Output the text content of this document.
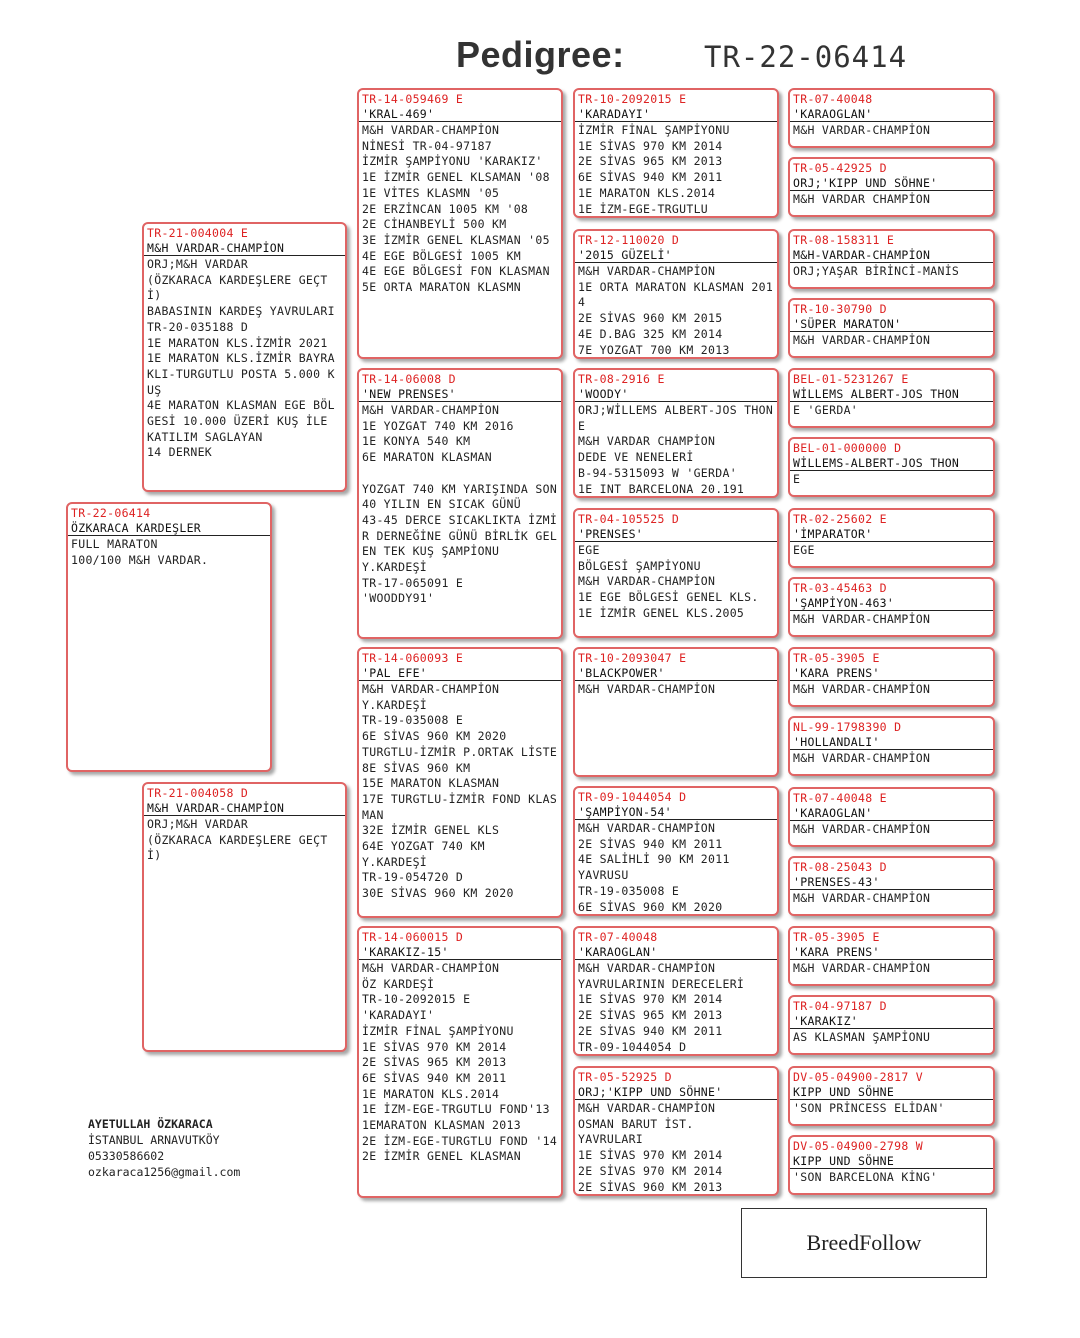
Pedigree:	TR-22-06414
TR-22-06414
ÖZKARACA KARDEŞLER
FULL MARATON
100/100 M&H VARDAR.
TR-21-004004 E
M&H VARDAR-CHAMPİON
ORJ;M&H VARDAR
(ÖZKARACA KARDEŞLERE GEÇTİ)
BABASININ KARDEŞ YAVRULARI
TR-20-035188 D
1E MARATON KLS.İZMİR 2021
1E MARATON KLS.İZMİR BAYRAKLI-TURGUTLU POSTA 5.000 KUŞ
4E MARATON KLASMAN EGE BÖLGESİ 10.000 ÜZERİ KUŞ İLE KATILIM SAGLAYAN
14 DERNEK
TR-21-004058 D
M&H VARDAR-CHAMPİON
ORJ;M&H VARDAR
(ÖZKARACA KARDEŞLERE GEÇTİ)
TR-14-059469 E
'KRAL-469'
M&H VARDAR-CHAMPİON
NİNESİ TR-04-97187
İZMİR ŞAMPİYONU 'KARAKIZ'
1E İZMİR GENEL KLSAMAN '08
1E VİTES KLASMN '05
2E ERZİNCAN 1005 KM '08
2E CİHANBEYLİ 500 KM
3E İZMİR GENEL KLASMAN '05
4E EGE BÖLGESİ 1005 KM
4E EGE BÖLGESİ FON KLASMAN
5E ORTA MARATON KLASMN
TR-14-06008 D
'NEW PRENSES'
M&H VARDAR-CHAMPİON
1E YOZGAT 740 KM 2016
1E KONYA 540 KM
6E MARATON KLASMAN

YOZGAT 740 KM YARIŞINDA SON 40 YILIN EN SICAK GÜNÜ
43-45 DERCE SICAKLIKTA İZMİR DERNEĞİNE GÜNÜ BİRLİK GELEN TEK KUŞ ŞAMPİONU
Y.KARDEŞİ
TR-17-065091 E
'WOODDY91'
TR-14-060093 E
'PAL EFE'
M&H VARDAR-CHAMPİON
Y.KARDEŞİ
TR-19-035008 E
6E SİVAS 960 KM 2020
TURGTLU-İZMİR P.ORTAK LİSTE
8E SİVAS 960 KM
15E MARATON KLASMAN
17E TURGTLU-İZMİR FOND KLASMAN
32E İZMİR GENEL KLS
64E YOZGAT 740 KM
Y.KARDEŞİ
TR-19-054720 D
30E SİVAS 960 KM 2020
TR-14-060015 D
'KARAKIZ-15'
M&H VARDAR-CHAMPİON
ÖZ KARDEŞİ
TR-10-2092015 E
'KARADAYI'
İZMİR FİNAL ŞAMPİYONU
1E SİVAS 970 KM 2014
2E SİVAS 965 KM 2013
6E SİVAS 940 KM 2011
1E MARATON KLS.2014
1E İZM-EGE-TRGUTLU FOND'13
1EMARATON KLASMAN 2013
2E İZM-EGE-TURGTLU FOND '14
2E İZMİR GENEL KLASMAN
TR-10-2092015 E
'KARADAYI'
İZMİR FİNAL ŞAMPİYONU
1E SİVAS 970 KM 2014
2E SİVAS 965 KM 2013
6E SİVAS 940 KM 2011
1E MARATON KLS.2014
1E İZM-EGE-TRGUTLU
TR-12-110020 D
'2015 GÜZELİ'
M&H VARDAR-CHAMPİON
1E ORTA MARATON KLASMAN 2014
2E SİVAS 960 KM 2015
4E D.BAG 325 KM 2014
7E YOZGAT 700 KM 2013
TR-08-2916 E
'WOODY'
ORJ;WİLLEMS ALBERT-JOS THONE
M&H VARDAR CHAMPİON
DEDE VE NENELERİ
B-94-5315093 W 'GERDA'
1E INT BARCELONA 20.191
TR-04-105525 D
'PRENSES'
EGE
BÖLGESİ ŞAMPİYONU
M&H VARDAR-CHAMPİON
1E EGE BÖLGESİ GENEL KLS.
1E İZMİR GENEL KLS.2005
TR-10-2093047 E
'BLACKPOWER'
M&H VARDAR-CHAMPİON
TR-09-1044054 D
'ŞAMPİYON-54'
M&H VARDAR-CHAMPİON
2E SİVAS 940 KM 2011
4E SALİHLİ 90 KM 2011
YAVRUSU
TR-19-035008 E
6E SİVAS 960 KM 2020
TR-07-40048
'KARAOGLAN'
M&H VARDAR-CHAMPİON
YAVRULARININ DERECELERİ
1E SİVAS 970 KM 2014
2E SİVAS 965 KM 2013
2E SİVAS 940 KM 2011
TR-09-1044054 D
TR-05-52925 D
ORJ;'KIPP UND SÖHNE'
M&H VARDAR-CHAMPİON
OSMAN BARUT İST.
YAVRULARI
1E SİVAS 970 KM 2014
2E SİVAS 970 KM 2014
2E SİVAS 960 KM 2013
TR-07-40048
'KARAOGLAN'
M&H VARDAR-CHAMPİON
TR-05-42925 D
ORJ;'KIPP UND SÖHNE'
M&H VARDAR CHAMPİON
TR-08-158311 E
M&H-VARDAR-CHAMPİON
ORJ;YAŞAR BİRİNCİ-MANİS
TR-10-30790 D
'SÜPER MARATON'
M&H VARDAR-CHAMPİON
BEL-01-5231267 E
WİLLEMS ALBERT-JOS THON
E 'GERDA'
BEL-01-000000 D
WİLLEMS-ALBERT-JOS THON
E
TR-02-25602 E
'İMPARATOR'
EGE
TR-03-45463 D
'ŞAMPİYON-463'
M&H VARDAR-CHAMPİON
TR-05-3905 E
'KARA PRENS'
M&H VARDAR-CHAMPİON
NL-99-1798390 D
'HOLLANDALI'
M&H VARDAR-CHAMPİON
TR-07-40048 E
'KARAOGLAN'
M&H VARDAR-CHAMPİON
TR-08-25043 D
'PRENSES-43'
M&H VARDAR-CHAMPİON
TR-05-3905 E
'KARA PRENS'
M&H VARDAR-CHAMPİON
TR-04-97187 D
'KARAKIZ'
AS KLASMAN ŞAMPİONU
DV-05-04900-2817 V
KIPP UND SÖHNE
'SON PRİNCESS ELİDAN'
DV-05-04900-2798 W
KIPP UND SÖHNE
'SON BARCELONA KİNG'
AYETULLAH ÖZKARACA
İSTANBUL ARNAVUTKÖY
05330586602
ozkaraca1256@gmail.com
BreedFollow
